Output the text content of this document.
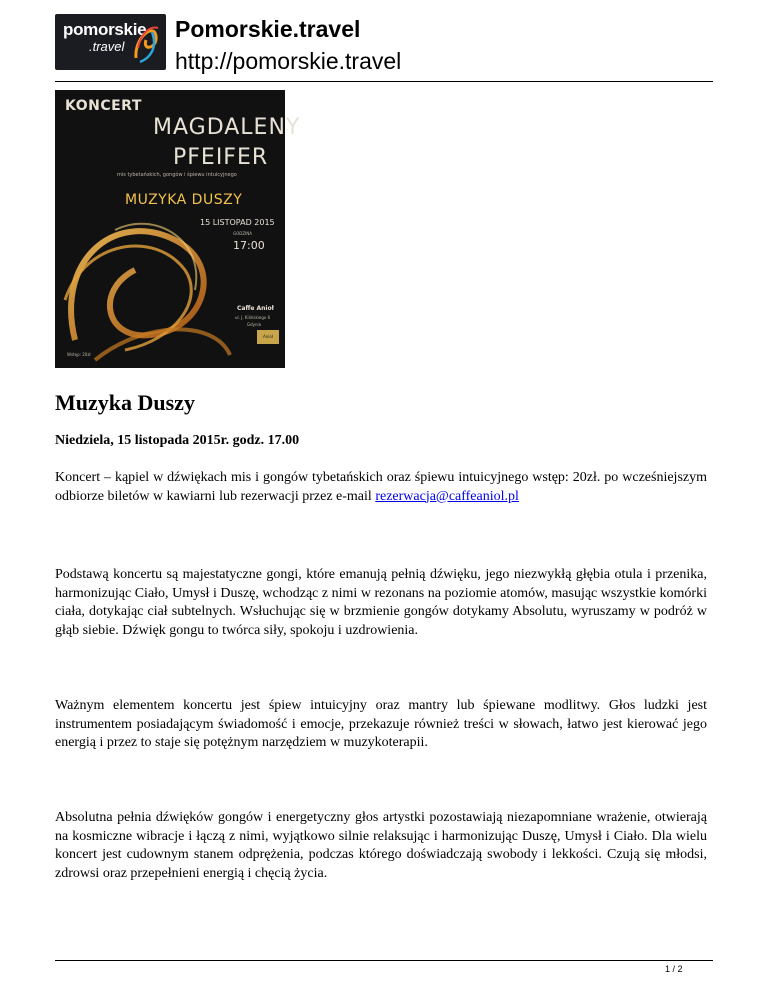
pomorskie
.travel
Pomorskie.travel
http://pomorskie.travel
KONCERT
MAGDALENY
PFEIFER
mis tybetańskich, gongów i śpiewu intuicyjnego
MUZYKA DUSZY
15 LISTOPAD 2015
GODZINA
17:00
Caffe Anioł
ul. J. Kilińskiego 6
Gdynia
Anioł
Wstęp: 20zł
Muzyka Duszy
Niedziela, 15 listopada 2015r. godz. 17.00
Koncert – kąpiel w dźwiękach mis i gongów tybetańskich oraz śpiewu intuicyjnego wstęp: 20zł. po wcześniejszym odbiorze biletów w kawiarni lub rezerwacji przez e-mail rezerwacja@caffeaniol.pl
Podstawą koncertu są majestatyczne gongi, które emanują pełnią dźwięku, jego niezwykłą głębia otula i przenika, harmonizując Ciało, Umysł i Duszę, wchodząc z nimi w rezonans na poziomie atomów, masując wszystkie komórki ciała, dotykając ciał subtelnych. Wsłuchując się w brzmienie gongów dotykamy Absolutu, wyruszamy w podróż w głąb siebie. Dźwięk gongu to twórca siły, spokoju i uzdrowienia.
Ważnym elementem koncertu jest śpiew intuicyjny oraz mantry lub śpiewane modlitwy. Głos ludzki jest instrumentem posiadającym świadomość i emocje, przekazuje również treści w słowach, łatwo jest kierować jego energią i przez to staje się potężnym narzędziem w muzykoterapii.
Absolutna pełnia dźwięków gongów i energetyczny głos artystki pozostawiają niezapomniane wrażenie, otwierają na kosmiczne wibracje i łączą z nimi, wyjątkowo silnie relaksując i harmonizując Duszę, Umysł i Ciało. Dla wielu koncert jest cudownym stanem odprężenia, podczas którego doświadczają swobody i lekkości. Czują się młodsi, zdrowsi oraz przepełnieni energią i chęcią życia.
1 / 2
